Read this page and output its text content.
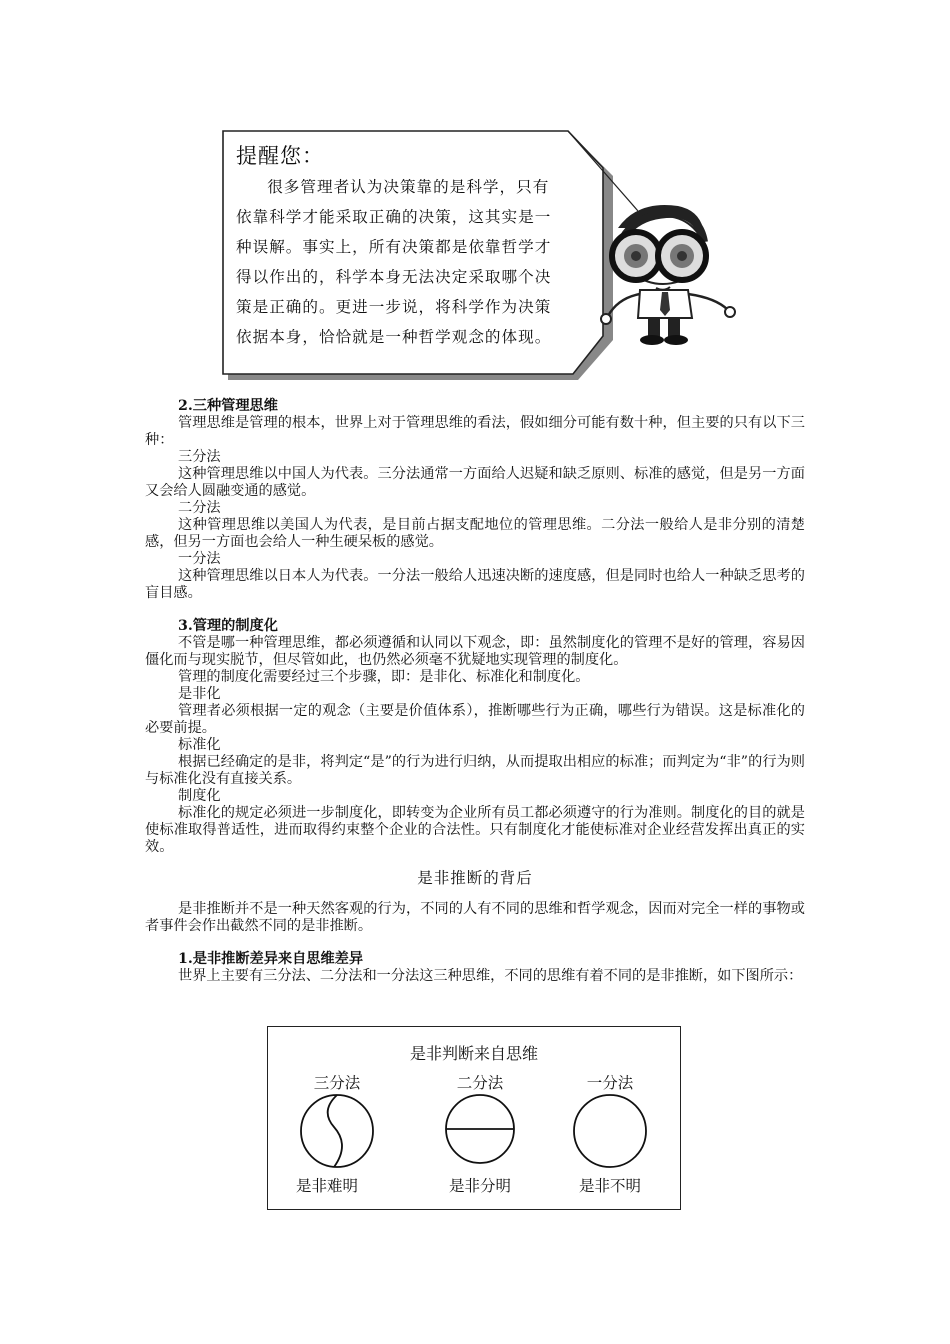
提醒您：
很多管理者认为决策靠的是科学，只有
依靠科学才能采取正确的决策，这其实是一
种误解。事实上，所有决策都是依靠哲学才
得以作出的，科学本身无法决定采取哪个决
策是正确的。更进一步说，将科学作为决策
依据本身，恰恰就是一种哲学观念的体现。

2.三种管理思维

管理思维是管理的根本，世界上对于管理思维的看法，假如细分可能有数十种，但主要的只有以下三种：

三分法

这种管理思维以中国人为代表。三分法通常一方面给人迟疑和缺乏原则、标准的感觉，但是另一方面又会给人圆融变通的感觉。

二分法

这种管理思维以美国人为代表，是目前占据支配地位的管理思维。二分法一般给人是非分别的清楚感，但另一方面也会给人一种生硬呆板的感觉。

一分法

这种管理思维以日本人为代表。一分法一般给人迅速决断的速度感，但是同时也给人一种缺乏思考的盲目感。

3.管理的制度化

不管是哪一种管理思维，都必须遵循和认同以下观念，即：虽然制度化的管理不是好的管理，容易因僵化而与现实脱节，但尽管如此，也仍然必须毫不犹疑地实现管理的制度化。

管理的制度化需要经过三个步骤，即：是非化、标准化和制度化。

是非化

管理者必须根据一定的观念（主要是价值体系），推断哪些行为正确，哪些行为错误。这是标准化的必要前提。

标准化

根据已经确定的是非，将判定“是”的行为进行归纳，从而提取出相应的标准；而判定为“非”的行为则与标准化没有直接关系。

制度化

标准化的规定必须进一步制度化，即转变为企业所有员工都必须遵守的行为准则。制度化的目的就是使标准取得普适性，进而取得约束整个企业的合法性。只有制度化才能使标准对企业经营发挥出真正的实效。

是非推断的背后

是非推断并不是一种天然客观的行为，不同的人有不同的思维和哲学观念，因而对完全一样的事物或者事件会作出截然不同的是非推断。

1.是非推断差异来自思维差异

世界上主要有三分法、二分法和一分法这三种思维，不同的思维有着不同的是非推断，如下图所示：

是非判断来自思维
三分法	二分法	一分法
是非难明	是非分明	是非不明
